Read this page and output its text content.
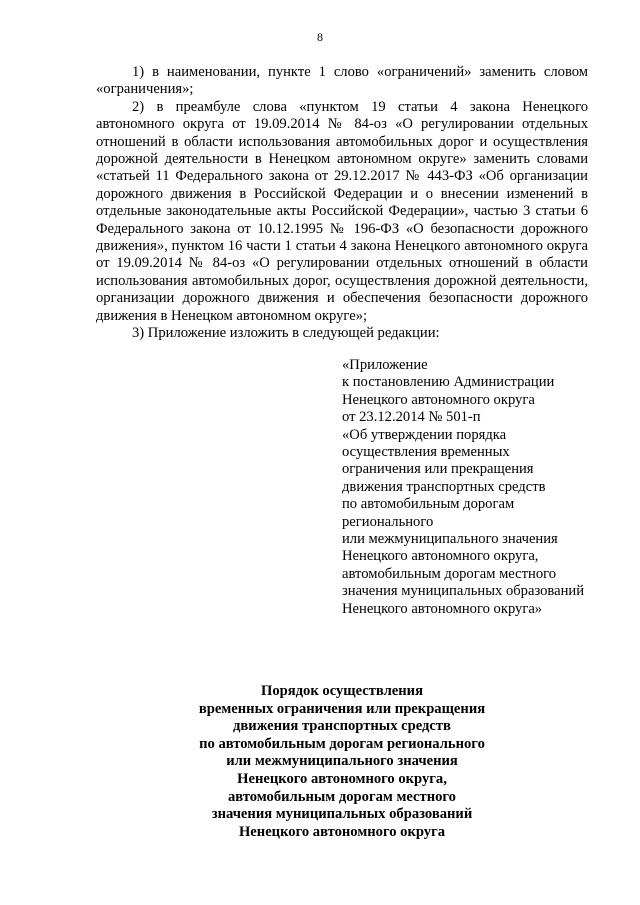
8

1) в наименовании, пункте 1 слово «ограничений» заменить словом «ограничения»;

2) в преамбуле слова «пунктом 19 статьи 4 закона Ненецкого автономного округа от 19.09.2014 № 84-оз «О регулировании отдельных отношений в области использования автомобильных дорог и осуществления дорожной деятельности в Ненецком автономном округе» заменить словами «статьей 11 Федерального закона от 29.12.2017 № 443-ФЗ «Об организации дорожного движения в Российской Федерации и о внесении изменений в отдельные законодательные акты Российской Федерации», частью 3 статьи 6 Федерального закона от 10.12.1995 № 196-ФЗ «О безопасности дорожного движения», пунктом 16 части 1 статьи 4 закона Ненецкого автономного округа от 19.09.2014 № 84-оз «О регулировании отдельных отношений в области использования автомобильных дорог, осуществления дорожной деятельности, организации дорожного движения и обеспечения безопасности дорожного движения в Ненецком автономном округе»;

3) Приложение изложить в следующей редакции:

«Приложение
к постановлению Администрации
Ненецкого автономного округа
от 23.12.2014 № 501-п
«Об утверждении порядка
осуществления временных
ограничения или прекращения
движения транспортных средств
по автомобильным дорогам
регионального
или межмуниципального значения
Ненецкого автономного округа,
автомобильным дорогам местного
значения муниципальных образований
Ненецкого автономного округа»
Порядок осуществления
временных ограничения или прекращения
движения транспортных средств
по автомобильным дорогам регионального
или межмуниципального значения
Ненецкого автономного округа,
автомобильным дорогам местного
значения муниципальных образований
Ненецкого автономного округа
